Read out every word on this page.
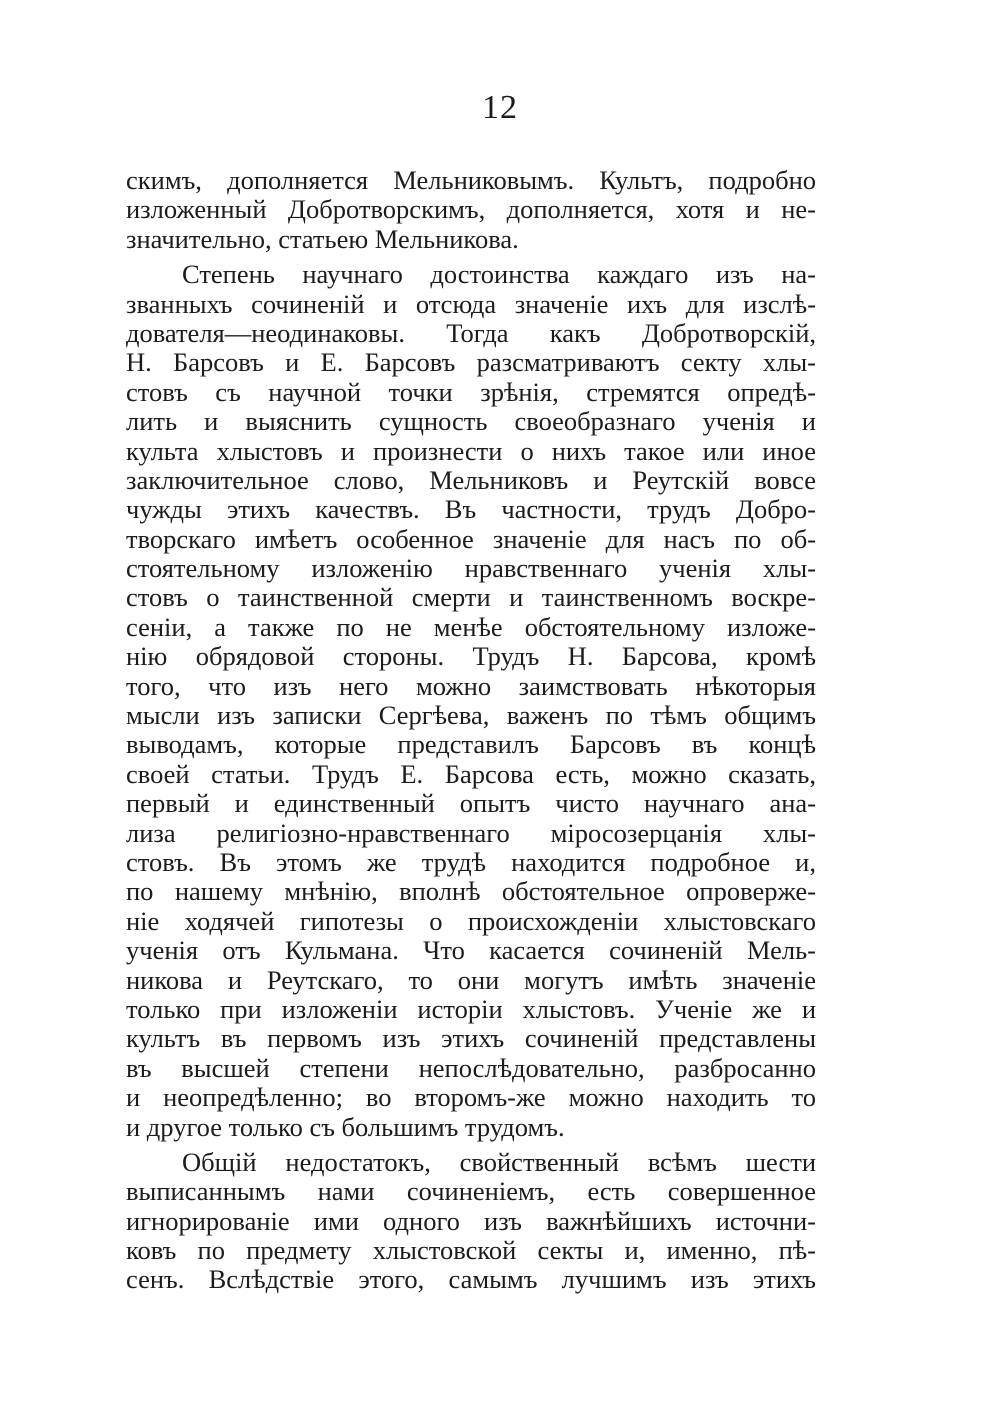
12
скимъ, дополняется Мельниковымъ. Культъ, подробно
изложенный Добротворскимъ, дополняется, хотя и не-
значительно, статьею Мельникова.
Степень научнаго достоинства каждаго изъ на-
званныхъ сочиненій и отсюда значеніе ихъ для изслѣ-
дователя—неодинаковы. Тогда какъ Добротворскій,
Н. Барсовъ и Е. Барсовъ разсматриваютъ секту хлы-
стовъ съ научной точки зрѣнія, стремятся опредѣ-
лить и выяснить сущность своеобразнаго ученія и
культа хлыстовъ и произнести о нихъ такое или иное
заключительное слово, Мельниковъ и Реутскій вовсе
чужды этихъ качествъ. Въ частности, трудъ Добро-
творскаго имѣетъ особенное значеніе для насъ по об-
стоятельному изложенію нравственнаго ученія хлы-
стовъ о таинственной смерти и таинственномъ воскре-
сеніи, а также по не менѣе обстоятельному изложе-
нію обрядовой стороны. Трудъ Н. Барсова, кромѣ
того, что изъ него можно заимствовать нѣкоторыя
мысли изъ записки Сергѣева, важенъ по тѣмъ общимъ
выводамъ, которые представилъ Барсовъ въ концѣ
своей статьи. Трудъ Е. Барсова есть, можно сказать,
первый и единственный опытъ чисто научнаго ана-
лиза религіозно-нравственнаго міросозерцанія хлы-
стовъ. Въ этомъ же трудѣ находится подробное и,
по нашему мнѣнію, вполнѣ обстоятельное опроверже-
ніе ходячей гипотезы о происхожденіи хлыстовскаго
ученія отъ Кульмана. Что касается сочиненій Мель-
никова и Реутскаго, то они могутъ имѣть значеніе
только при изложеніи исторіи хлыстовъ. Ученіе же и
культъ въ первомъ изъ этихъ сочиненій представлены
въ высшей степени непослѣдовательно, разбросанно
и неопредѣленно; во второмъ-же можно находить то
и другое только съ большимъ трудомъ.
Общій недостатокъ, свойственный всѣмъ шести
выписаннымъ нами сочиненіемъ, есть совершенное
игнорированіе ими одного изъ важнѣйшихъ источни-
ковъ по предмету хлыстовской секты и, именно, пѣ-
сенъ. Вслѣдствіе этого, самымъ лучшимъ изъ этихъ
